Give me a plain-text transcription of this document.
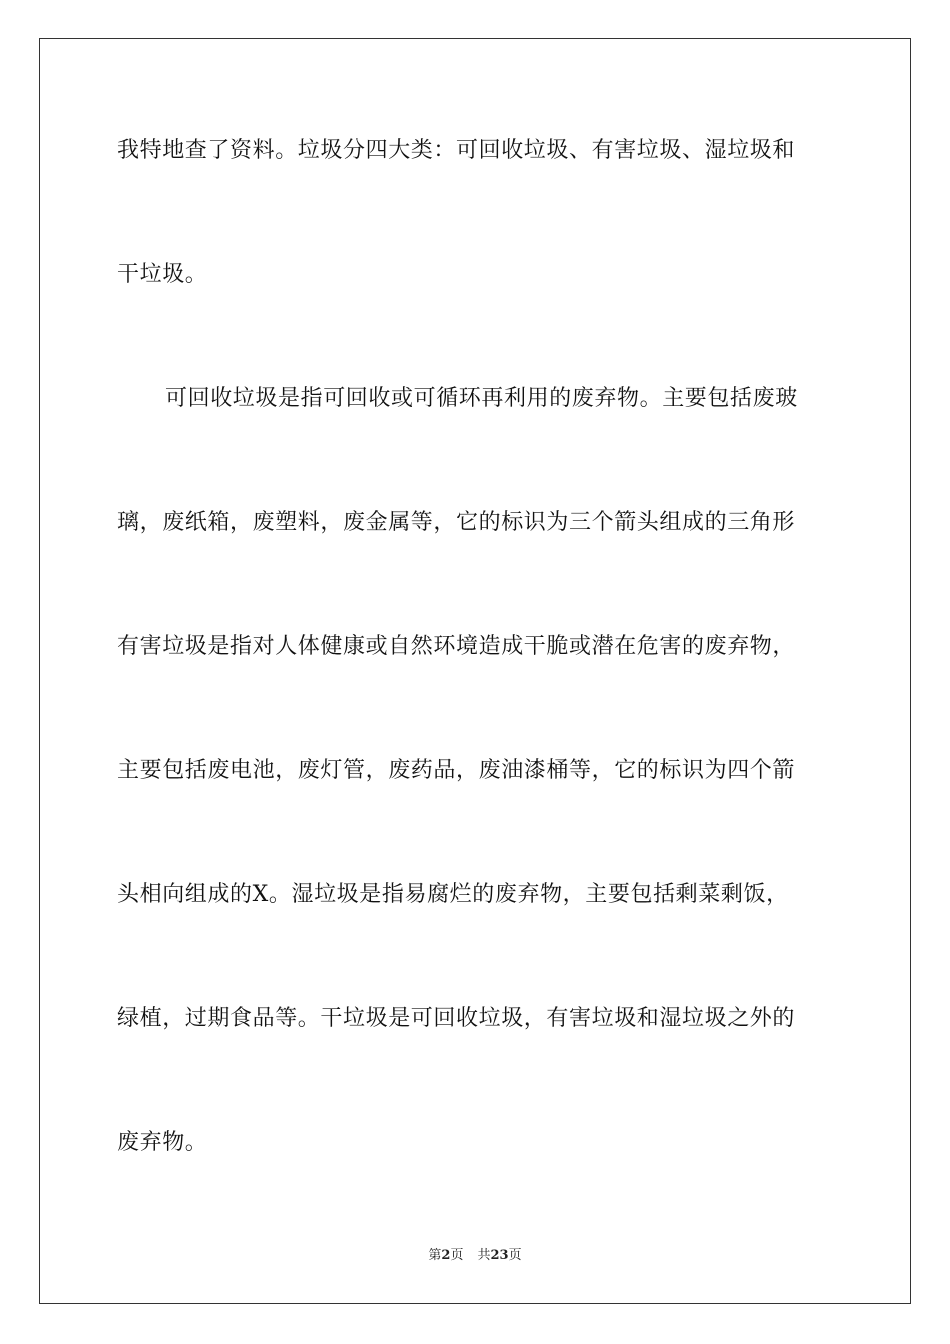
我特地查了资料。垃圾分四大类：可回收垃圾、有害垃圾、湿垃圾和
干垃圾。
可回收垃圾是指可回收或可循环再利用的废弃物。主要包括废玻
璃，废纸箱，废塑料，废金属等，它的标识为三个箭头组成的三角形
有害垃圾是指对人体健康或自然环境造成干脆或潜在危害的废弃物，
主要包括废电池，废灯管，废药品，废油漆桶等，它的标识为四个箭
头相向组成的X。湿垃圾是指易腐烂的废弃物，主要包括剩菜剩饭，
绿植，过期食品等。干垃圾是可回收垃圾，有害垃圾和湿垃圾之外的
废弃物。
第2页 共23页
